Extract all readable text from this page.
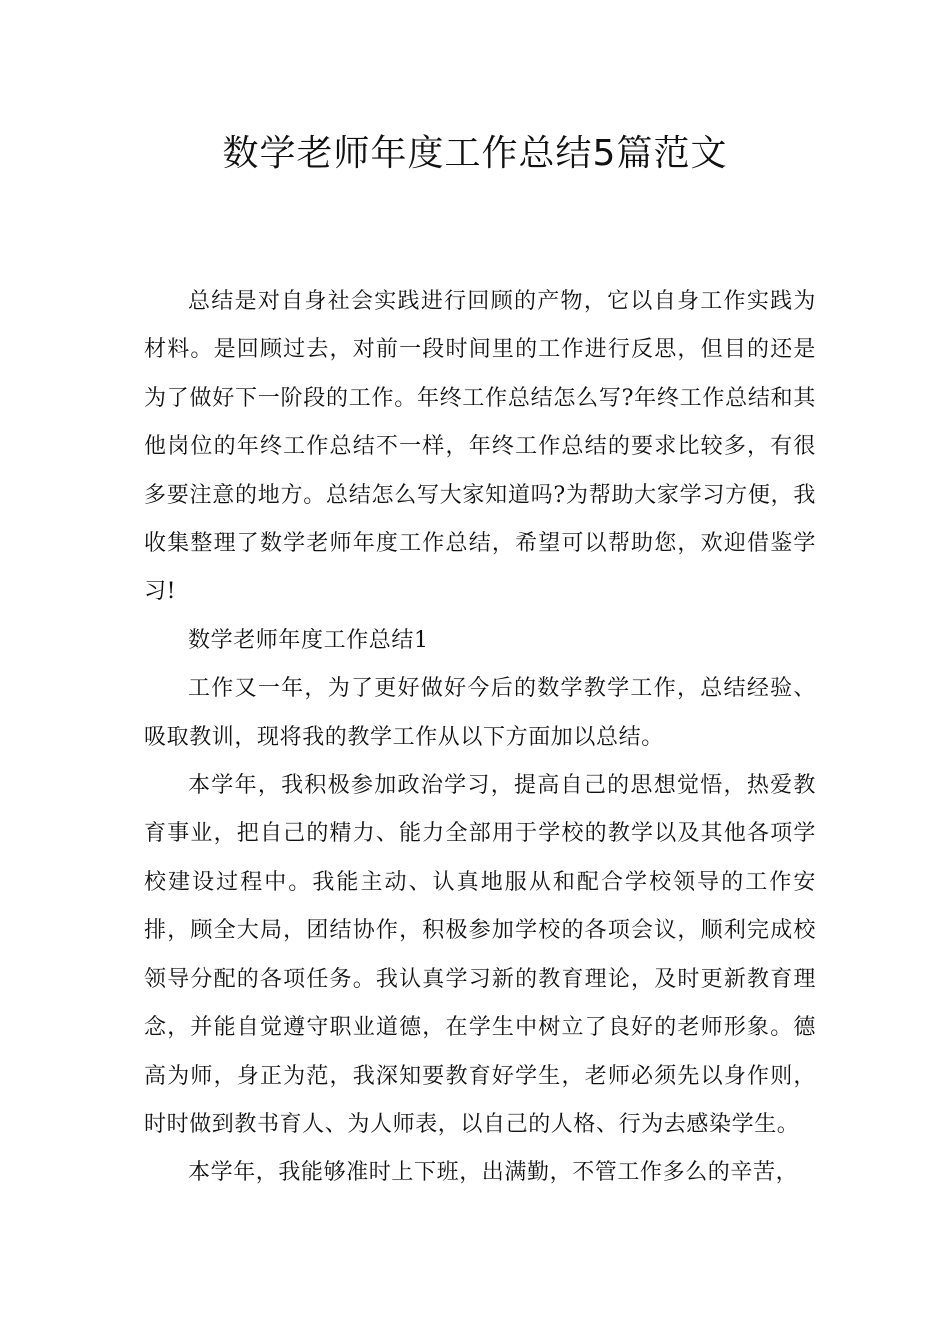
数学老师年度工作总结5篇范文

总结是对自身社会实践进行回顾的产物，它以自身工作实践为材料。是回顾过去，对前一段时间里的工作进行反思，但目的还是为了做好下一阶段的工作。年终工作总结怎么写?年终工作总结和其他岗位的年终工作总结不一样，年终工作总结的要求比较多，有很多要注意的地方。总结怎么写大家知道吗?为帮助大家学习方便，我收集整理了数学老师年度工作总结，希望可以帮助您，欢迎借鉴学习!

数学老师年度工作总结1

工作又一年，为了更好做好今后的数学教学工作，总结经验、吸取教训，现将我的教学工作从以下方面加以总结。

本学年，我积极参加政治学习，提高自己的思想觉悟，热爱教育事业，把自己的精力、能力全部用于学校的教学以及其他各项学校建设过程中。我能主动、认真地服从和配合学校领导的工作安排，顾全大局，团结协作，积极参加学校的各项会议，顺利完成校领导分配的各项任务。我认真学习新的教育理论，及时更新教育理念，并能自觉遵守职业道德，在学生中树立了良好的老师形象。德高为师，身正为范，我深知要教育好学生，老师必须先以身作则，时时做到教书育人、为人师表，以自己的人格、行为去感染学生。

本学年，我能够准时上下班，出满勤，不管工作多么的辛苦，
